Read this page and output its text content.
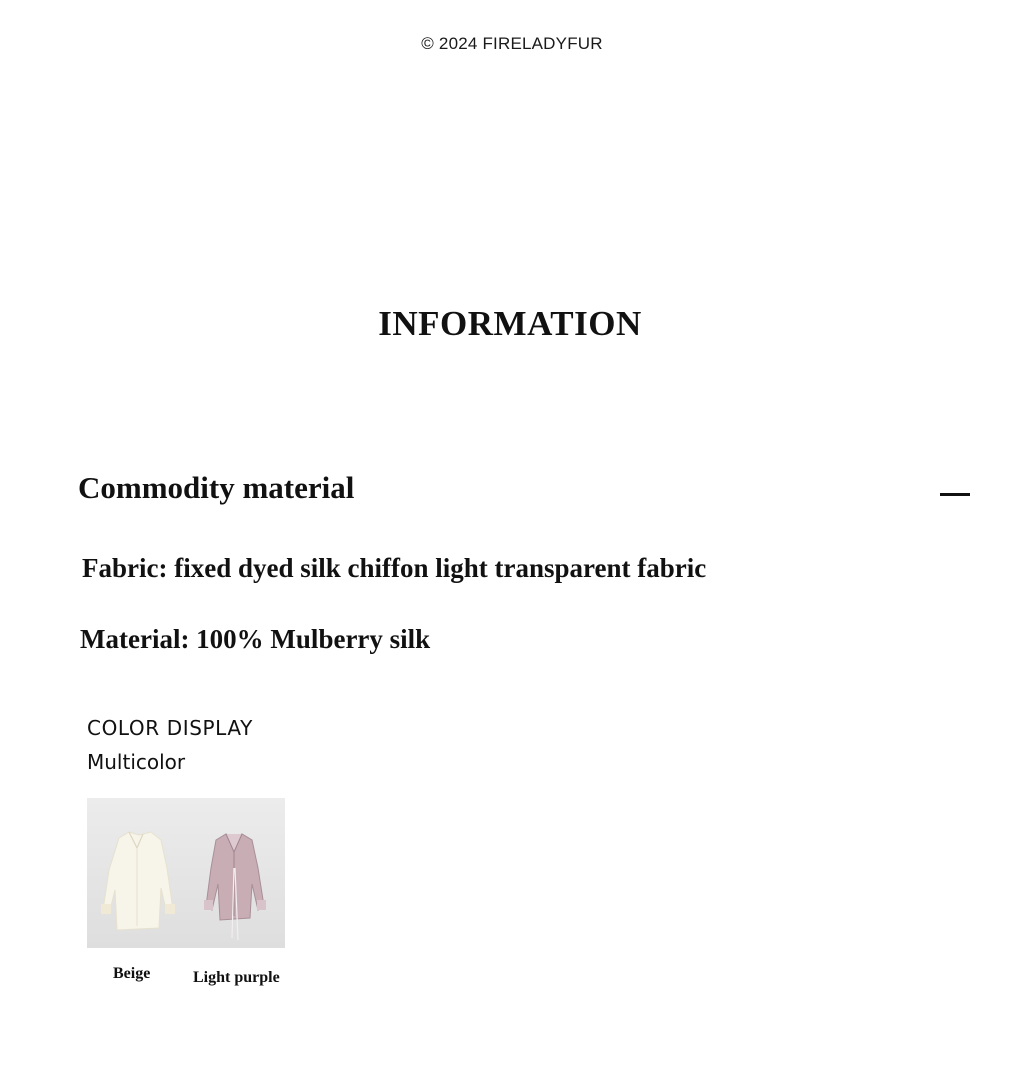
© 2024 FIRELADYFUR
INFORMATION
Commodity material
Fabric: fixed dyed silk chiffon light transparent fabric
Material: 100% Mulberry silk
COLOR DISPLAY
Multicolor
Beige	Light purple
